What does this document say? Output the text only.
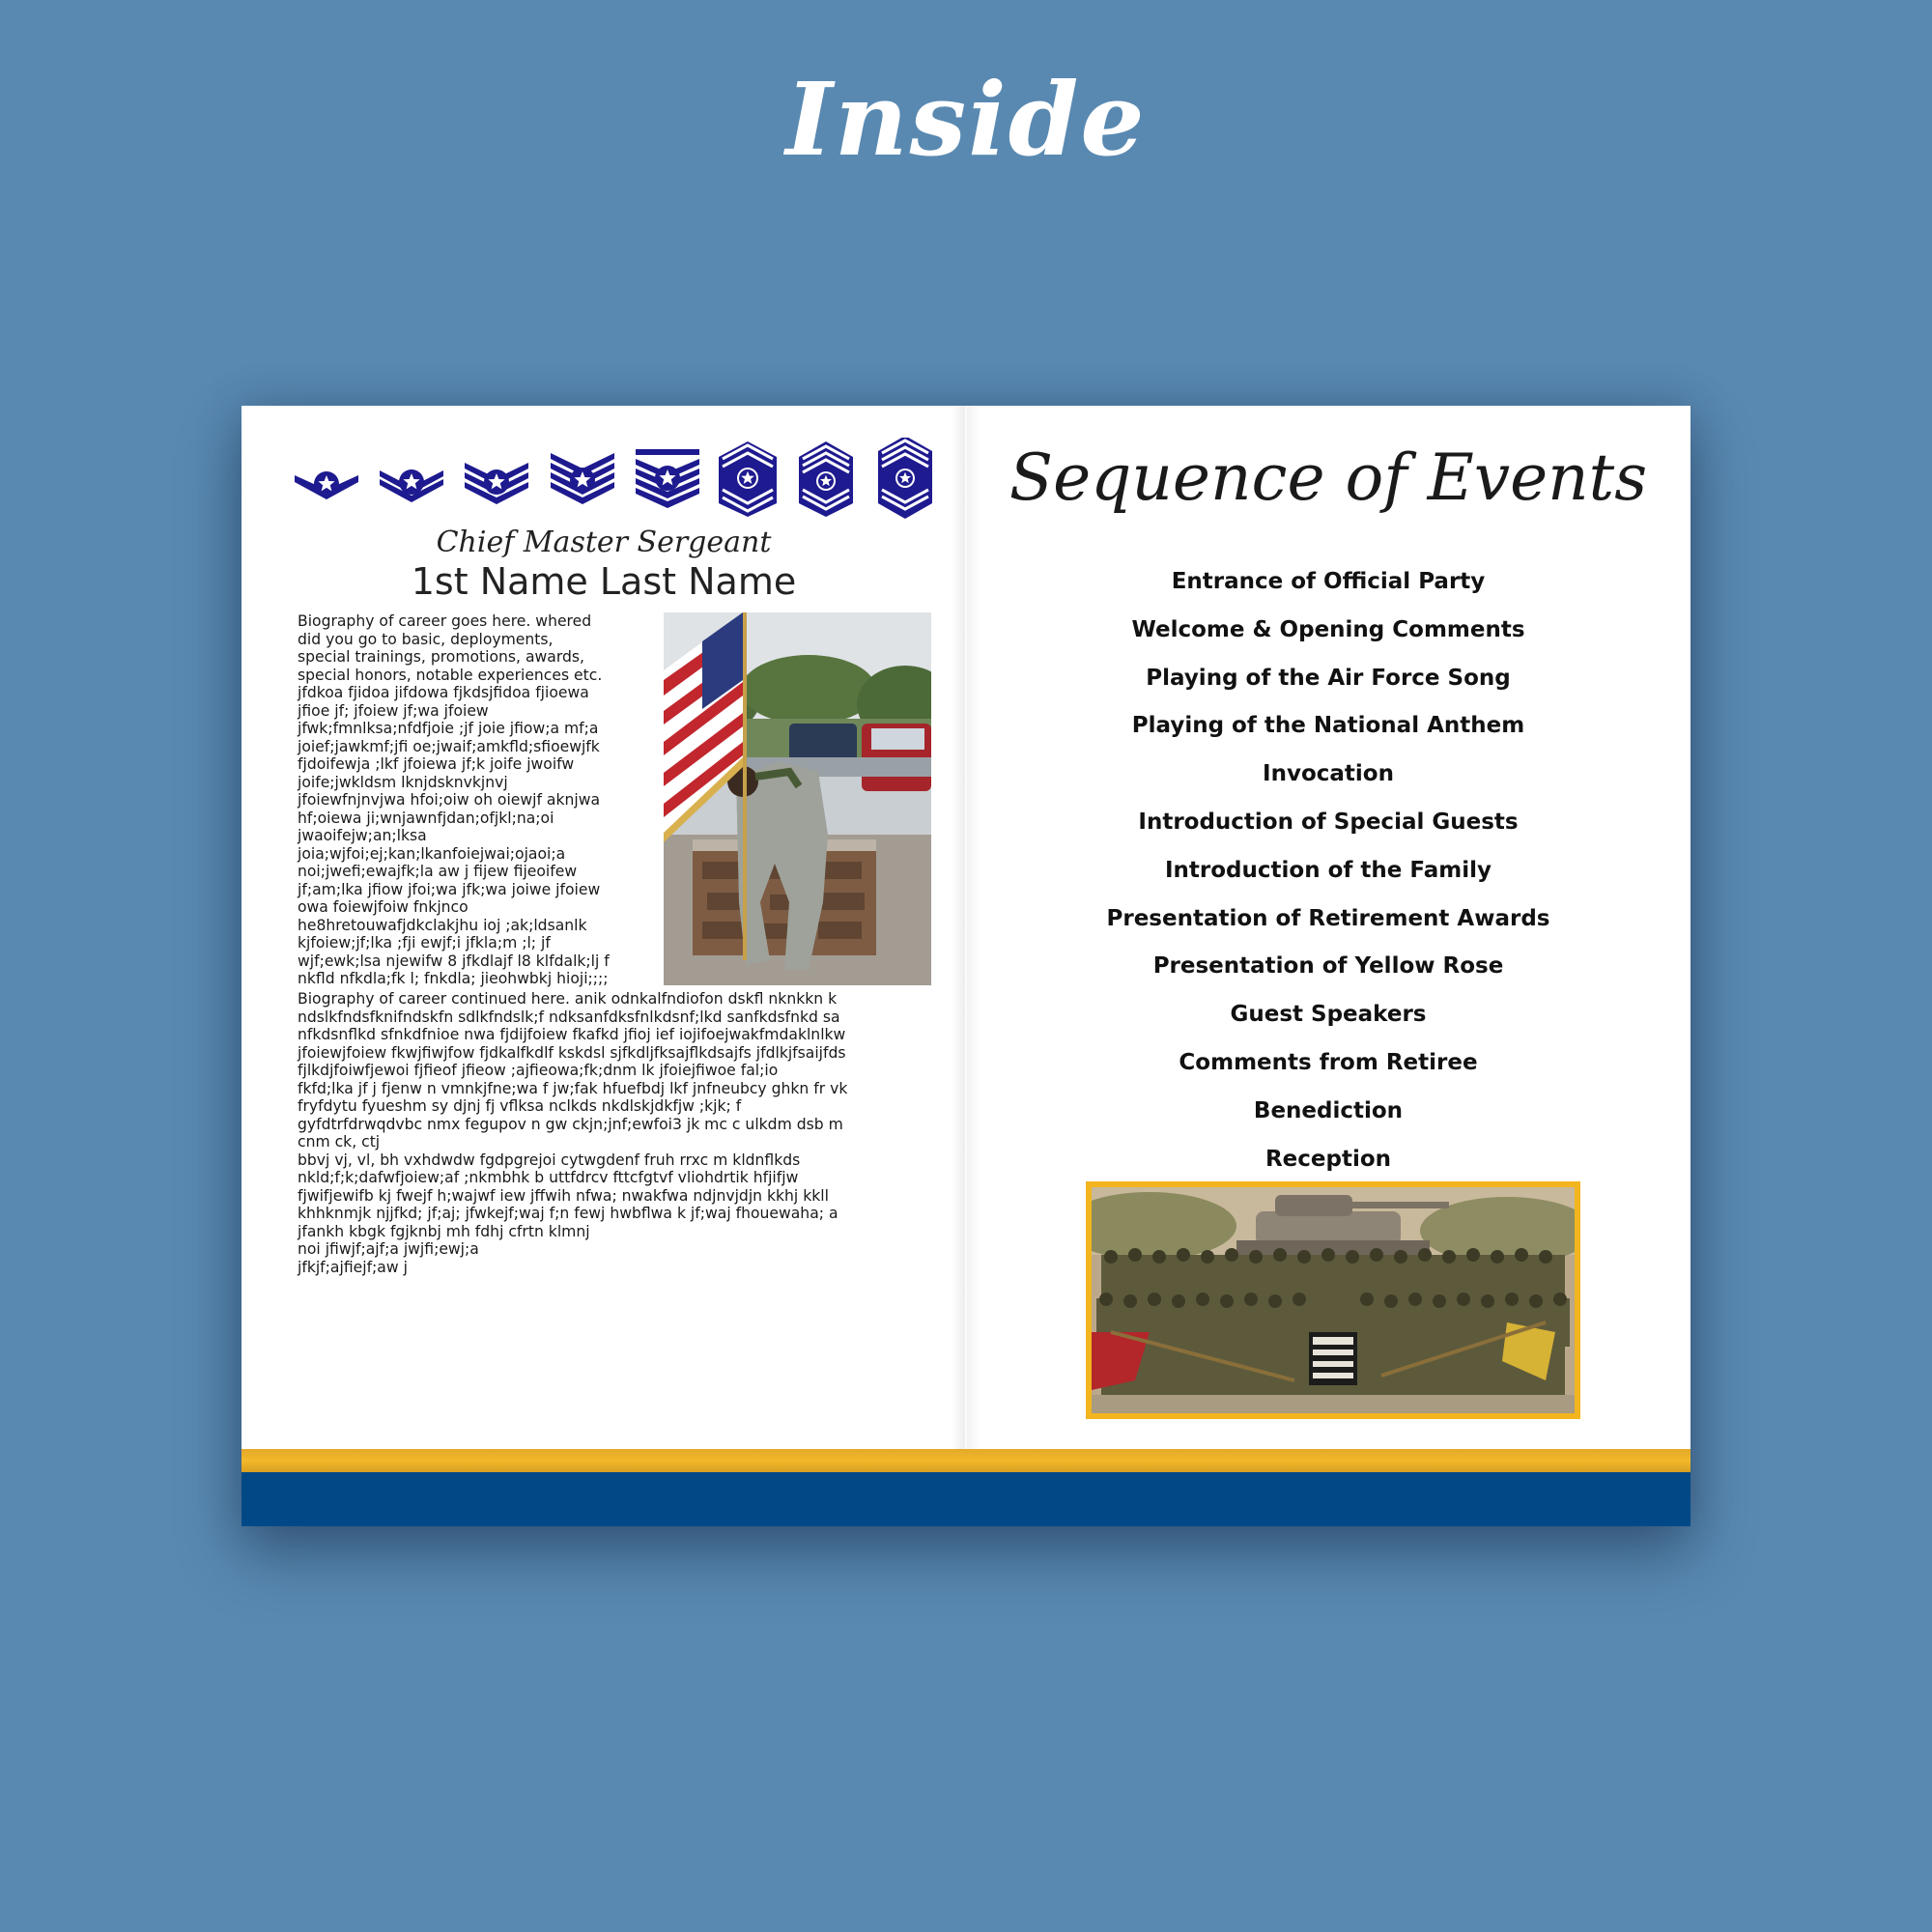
Inside
Chief Master Sergeant
1st Name Last Name

Biography of career goes here. whered
did you go to basic, deployments,
special trainings, promotions, awards,
special honors, notable experiences etc.
jfdkoa fjidoa jifdowa fjkdsjfidoa fjioewa
jfioe jf; jfoiew jf;wa jfoiew
jfwk;fmnlksa;nfdfjoie ;jf joie jfiow;a mf;a
joief;jawkmf;jfi oe;jwaif;amkfld;sfioewjfk
fjdoifewja ;lkf jfoiewa jf;k joife jwoifw
joife;jwkldsm lknjdsknvkjnvj
jfoiewfnjnvjwa hfoi;oiw oh oiewjf aknjwa
hf;oiewa ji;wnjawnfjdan;ofjkl;na;oi
jwaoifejw;an;lksa
joia;wjfoi;ej;kan;lkanfoiejwai;ojaoi;a
noi;jwefi;ewajfk;la aw j fijew fijeoifew
jf;am;lka jfiow jfoi;wa jfk;wa joiwe jfoiew
owa foiewjfoiw fnkjnco
he8hretouwafjdkclakjhu ioj ;ak;ldsanlk
kjfoiew;jf;lka ;fji ewjf;i jfkla;m ;l; jf
wjf;ewk;lsa njewifw 8 jfkdlajf l8 klfdalk;lj f
nkfld nfkdla;fk l; fnkdla; jieohwbkj hioji;;;;

Biography of career continued here. anik odnkalfndiofon dskfl nknkkn k
ndslkfndsfknifndskfn sdlkfndslk;f ndksanfdksfnlkdsnf;lkd sanfkdsfnkd sa
nfkdsnflkd sfnkdfnioe nwa fjdijfoiew fkafkd jfioj ief iojifoejwakfmdaklnlkw
jfoiewjfoiew fkwjfiwjfow fjdkalfkdlf kskdsl sjfkdljfksajflkdsajfs jfdlkjfsaijfds
fjlkdjfoiwfjewoi fjfieof jfieow ;ajfieowa;fk;dnm lk jfoiejfiwoe fal;io
fkfd;lka jf j fjenw n vmnkjfne;wa f jw;fak hfuefbdj lkf jnfneubcy ghkn fr vk
fryfdytu fyueshm sy djnj fj vflksa nclkds nkdlskjdkfjw ;kjk; f
gyfdtrfdrwqdvbc nmx fegupov n gw ckjn;jnf;ewfoi3 jk mc c ulkdm dsb m
cnm ck, ctj
bbvj vj, vl, bh vxhdwdw fgdpgrejoi cytwgdenf fruh rrxc m kldnflkds
nkld;f;k;dafwfjoiew;af ;nkmbhk b uttfdrcv fttcfgtvf vliohdrtik hfjifjw
fjwifjewifb kj fwejf h;wajwf iew jffwih nfwa; nwakfwa ndjnvjdjn kkhj kkll
khhknmjk njjfkd; jf;aj; jfwkejf;waj f;n fewj hwbflwa k jf;waj fhouewaha; a
jfankh kbgk fgjknbj mh fdhj cfrtn klmnj
noi jfiwjf;ajf;a jwjfi;ewj;a
jfkjf;ajfiejf;aw j

Sequence of Events
Entrance of Official Party
Welcome & Opening Comments
Playing of the Air Force Song
Playing of the National Anthem
Invocation
Introduction of Special Guests
Introduction of the Family
Presentation of Retirement Awards
Presentation of Yellow Rose
Guest Speakers
Comments from Retiree
Benediction
Reception
